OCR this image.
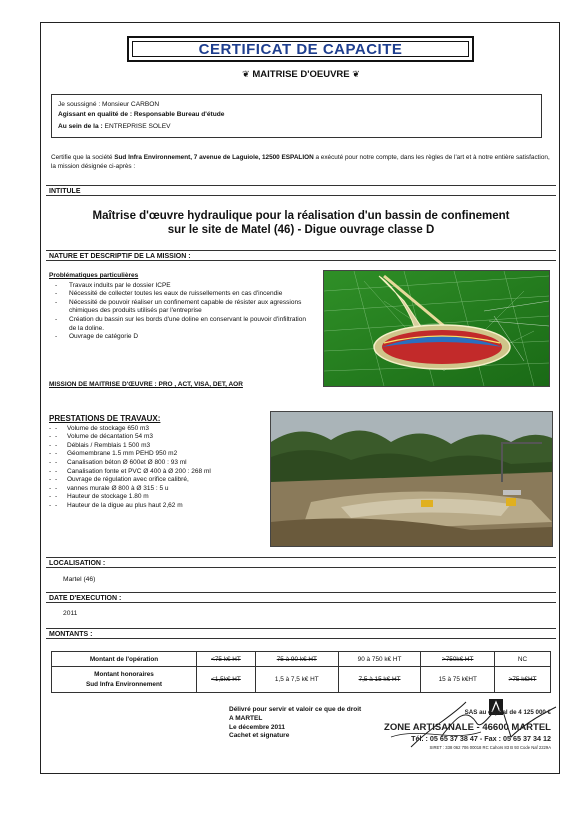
CERTIFICAT DE CAPACITE
❦ MAITRISE D'OEUVRE ❦
Je soussigné : Monsieur CARBON
Agissant en qualité de : Responsable Bureau d'étude
Au sein de la : ENTREPRISE SOLEV
Certifie que la société Sud Infra Environnement, 7 avenue de Laguiole, 12500 ESPALION a exécuté pour notre compte, dans les règles de l'art et à notre entière satisfaction, la mission désignée ci-après :
INTITULE
Maîtrise d'œuvre hydraulique pour la réalisation d'un bassin de confinement
sur le site de Matel (46) - Digue ouvrage classe D
NATURE ET DESCRIPTIF DE LA MISSION :
Problématiques particulières
- Travaux induits par le dossier ICPE
- Nécessité de collecter toutes les eaux de ruissellements en cas d'incendie
- Nécessité de pouvoir réaliser un confinement capable de résister aux agressions chimiques des produits utilisés par l'entreprise
- Création du bassin sur les bords d'une doline en conservant le pouvoir d'infiltration de la doline.
- Ouvrage de catégorie D
MISSION DE MAITRISE D'ŒUVRE : PRO , ACT, VISA, DET, AOR
PRESTATIONS DE TRAVAUX:
- - Volume de stockage 650 m3
- - Volume de décantation 54 m3
- - Déblais / Remblais 1 500 m3
- - Géomembrane 1.5 mm PEHD 950 m2
- - Canalisation béton Ø 600et Ø 800 : 93 ml
- - Canalisation fonte et PVC Ø 400 à Ø 200 : 268 ml
- - Ouvrage de régulation avec orifice calibré,
- - vannes murale Ø 800 à Ø 315 : 5 u
- - Hauteur de stockage 1.80 m
- - Hauteur de la digue au plus haut 2,62 m
LOCALISATION :
Martel (46)
DATE D'EXECUTION :
2011
MONTANTS :
Montant de l'opération	<75 k€ HT	75 à 90 k€ HT	90 à 750 k€ HT	>750k€ HT	NC

Montant honoraires
Sud Infra Environnement	<1,5k€ HT	1,5 à 7,5 k€ HT	7,5 à 15 k€ HT	15 à 75 k€HT	>75 k€HT
Délivré pour servir et valoir ce que de droit
A MARTEL
Le décembre 2011
Cachet et signature
SAS au capital de 4 125 000 €
ZONE ARTISANALE - 46600 MARTEL
Tél. : 05 65 37 38 47 - Fax : 05 65 37 34 12
SIRET : 338 062 706 00018 RC Cahors 83 B 93 Code Naf 2229A
